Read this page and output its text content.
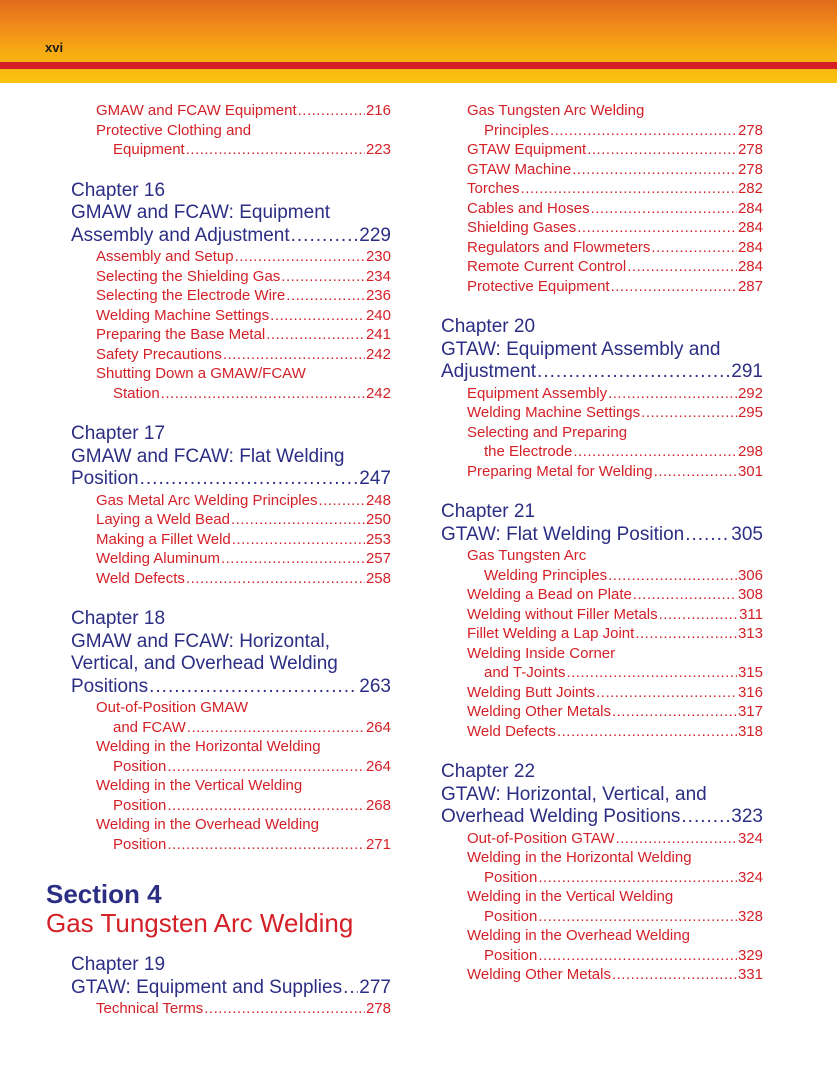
xvi
GMAW and FCAW Equipment .....	216
Protective Clothing and
Equipment .....	223
Chapter 16
GMAW and FCAW: Equipment
Assembly and Adjustment .....	229
Assembly and Setup .....	230
Selecting the Shielding Gas .....	234
Selecting the Electrode Wire .....	236
Welding Machine Settings .....	240
Preparing the Base Metal .....	241
Safety Precautions .....	242
Shutting Down a GMAW/FCAW
Station .....	242
Chapter 17
GMAW and FCAW: Flat Welding
Position .....	247
Gas Metal Arc Welding Principles .....	248
Laying a Weld Bead .....	250
Making a Fillet Weld .....	253
Welding Aluminum .....	257
Weld Defects .....	258
Chapter 18
GMAW and FCAW: Horizontal,
Vertical, and Overhead Welding
Positions .....	263
Out-of-Position GMAW
and FCAW .....	264
Welding in the Horizontal Welding
Position .....	264
Welding in the Vertical Welding
Position .....	268
Welding in the Overhead Welding
Position .....	271
Section 4
Gas Tungsten Arc Welding
Chapter 19
GTAW: Equipment and Supplies ..... 277
Technical Terms .....	278
Gas Tungsten Arc Welding
Principles .....	278
GTAW Equipment .....	278
GTAW Machine .....	278
Torches .....	282
Cables and Hoses .....	284
Shielding Gases .....	284
Regulators and Flowmeters .....	284
Remote Current Control .....	284
Protective Equipment .....	287
Chapter 20
GTAW: Equipment Assembly and
Adjustment .....	291
Equipment Assembly .....	292
Welding Machine Settings .....	295
Selecting and Preparing
the Electrode .....	298
Preparing Metal for Welding .....	301
Chapter 21
GTAW: Flat Welding Position ..... 305
Gas Tungsten Arc
Welding Principles .....	306
Welding a Bead on Plate .....	308
Welding without Filler Metals .....	311
Fillet Welding a Lap Joint .....	313
Welding Inside Corner
and T-Joints .....	315
Welding Butt Joints .....	316
Welding Other Metals .....	317
Weld Defects .....	318
Chapter 22
GTAW: Horizontal, Vertical, and
Overhead Welding Positions .....	323
Out-of-Position GTAW .....	324
Welding in the Horizontal Welding
Position .....	324
Welding in the Vertical Welding
Position .....	328
Welding in the Overhead Welding
Position .....	329
Welding Other Metals .....	331
